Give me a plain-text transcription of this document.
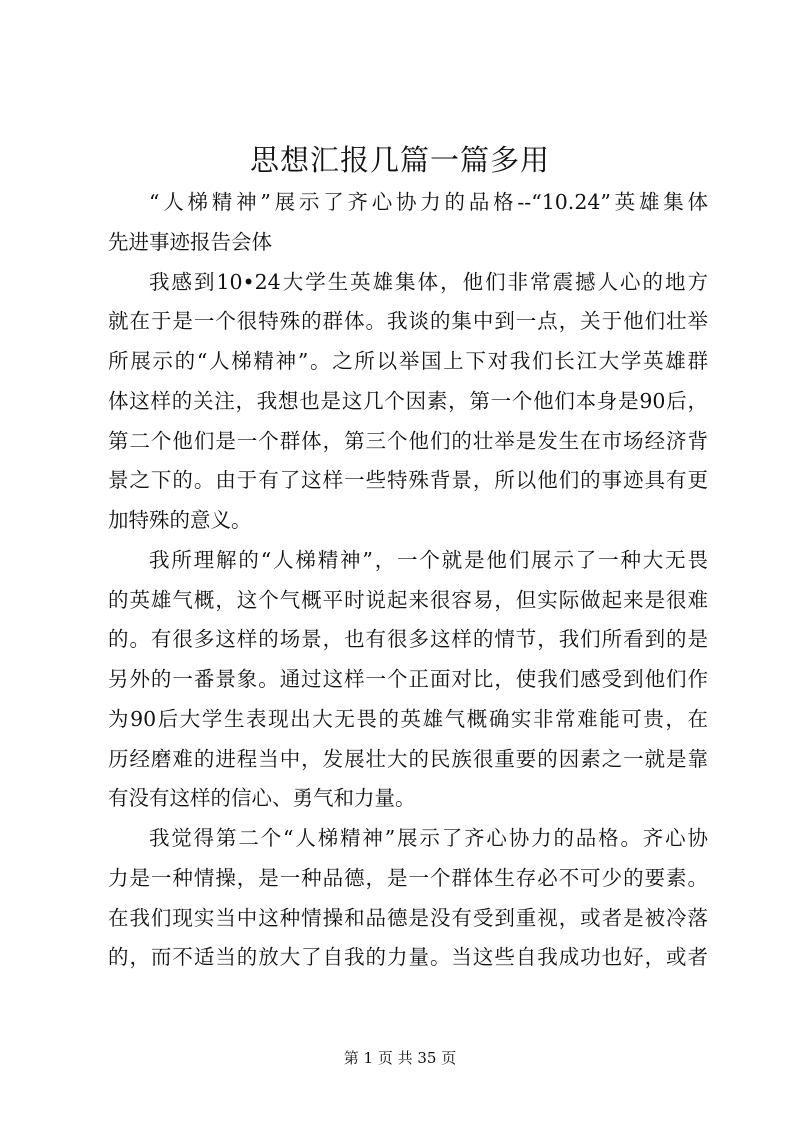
思想汇报几篇一篇多用
“人梯精神”展示了齐心协力的品格--“10.24”英雄集体
先进事迹报告会体
我感到10•24大学生英雄集体，他们非常震撼人心的地方
就在于是一个很特殊的群体。我谈的集中到一点，关于他们壮举
所展示的“人梯精神”。之所以举国上下对我们长江大学英雄群
体这样的关注，我想也是这几个因素，第一个他们本身是90后，
第二个他们是一个群体，第三个他们的壮举是发生在市场经济背
景之下的。由于有了这样一些特殊背景，所以他们的事迹具有更
加特殊的意义。
我所理解的“人梯精神”，一个就是他们展示了一种大无畏
的英雄气概，这个气概平时说起来很容易，但实际做起来是很难
的。有很多这样的场景，也有很多这样的情节，我们所看到的是
另外的一番景象。通过这样一个正面对比，使我们感受到他们作
为90后大学生表现出大无畏的英雄气概确实非常难能可贵，在
历经磨难的进程当中，发展壮大的民族很重要的因素之一就是靠
有没有这样的信心、勇气和力量。
我觉得第二个“人梯精神”展示了齐心协力的品格。齐心协
力是一种情操，是一种品德，是一个群体生存必不可少的要素。
在我们现实当中这种情操和品德是没有受到重视，或者是被冷落
的，而不适当的放大了自我的力量。当这些自我成功也好，或者
第 1 页 共 35 页
